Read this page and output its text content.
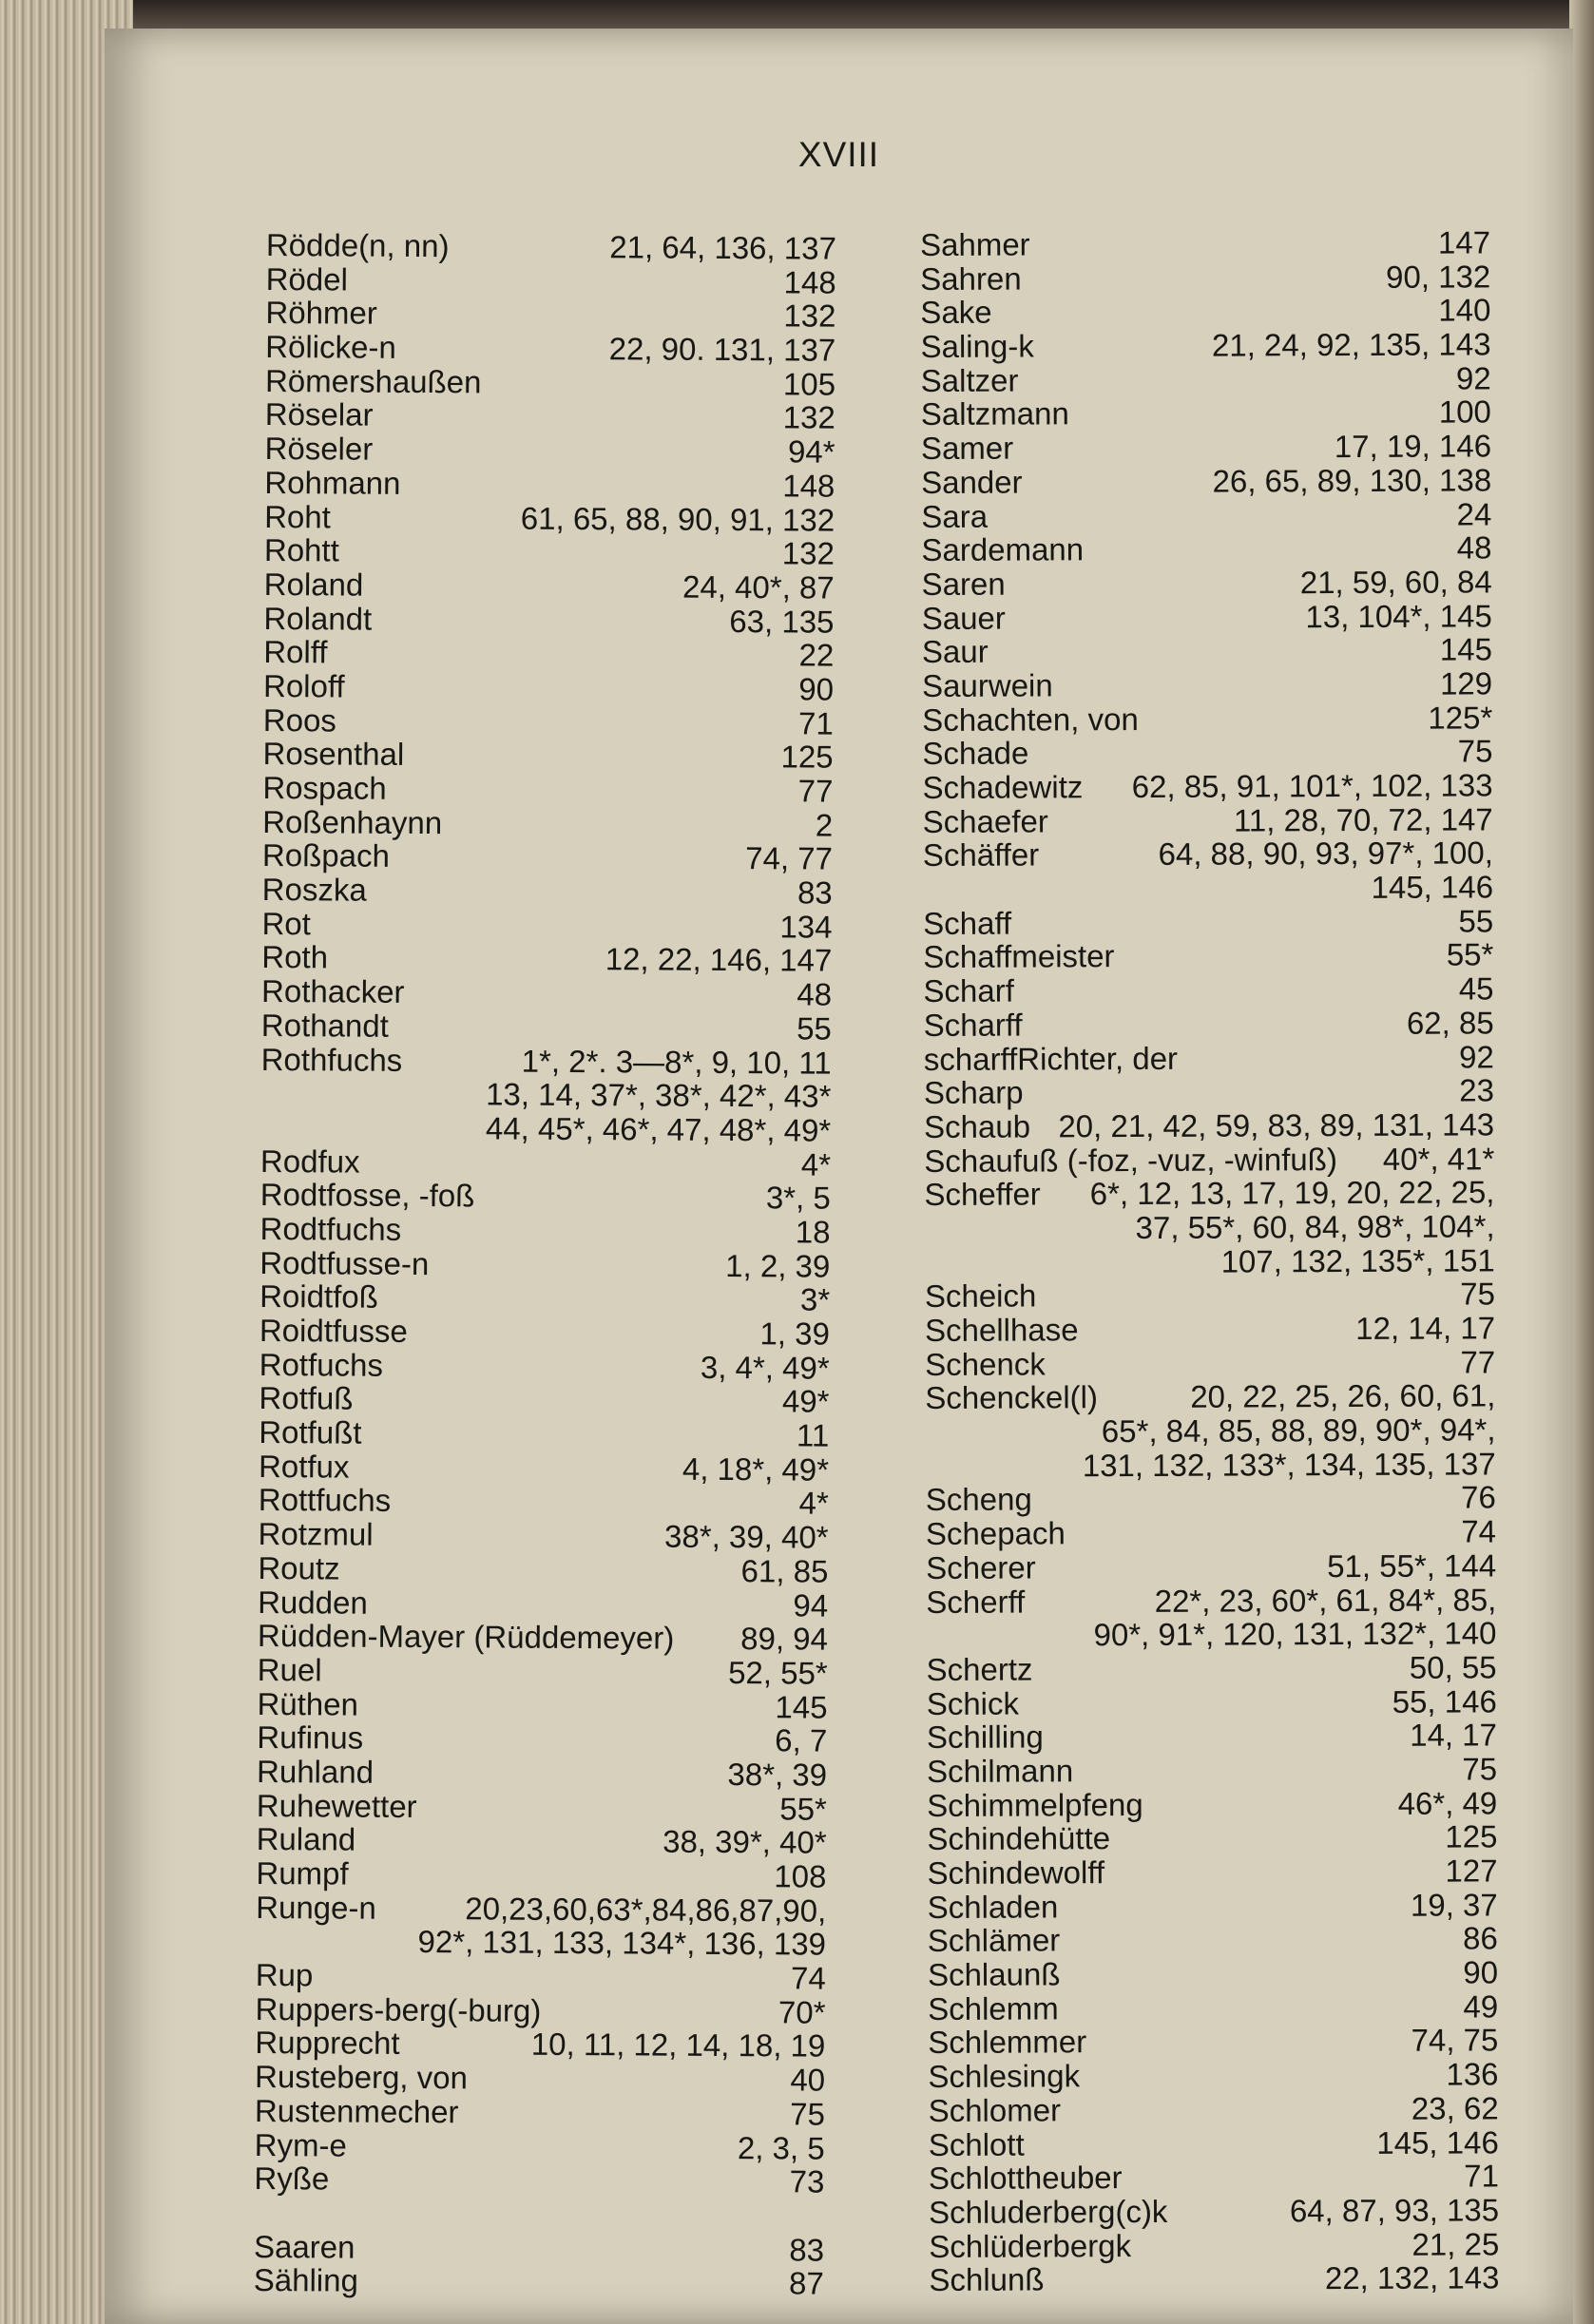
XVIII
Rödde(n, nn)	21, 64, 136, 137
Rödel	148
Röhmer	132
Rölicke-n	22, 90. 131, 137
Römershaußen	105
Röselar	132
Röseler	94*
Rohmann	148
Roht	61, 65, 88, 90, 91, 132
Rohtt	132
Roland	24, 40*, 87
Rolandt	63, 135
Rolff	22
Roloff	90
Roos	71
Rosenthal	125
Rospach	77
Roßenhaynn	2
Roßpach	74, 77
Roszka	83
Rot	134
Roth	12, 22, 146, 147
Rothacker	48
Rothandt	55
Rothfuchs	1*, 2*. 3—8*, 9, 10, 11
13, 14, 37*, 38*, 42*, 43*
44, 45*, 46*, 47, 48*, 49*
Rodfux	4*
Rodtfosse, -foß	3*, 5
Rodtfuchs	18
Rodtfusse-n	1, 2, 39
Roidtfoß	3*
Roidtfusse	1, 39
Rotfuchs	3, 4*, 49*
Rotfuß	49*
Rotfußt	11
Rotfux	4, 18*, 49*
Rottfuchs	4*
Rotzmul	38*, 39, 40*
Routz	61, 85
Rudden	94
Rüdden-Mayer (Rüddemeyer) 89, 94
Ruel	52, 55*
Rüthen	145
Rufinus	6, 7
Ruhland	38*, 39
Ruhewetter	55*
Ruland	38, 39*, 40*
Rumpf	108
Runge-n	20,23,60,63*,84,86,87,90,
92*, 131, 133, 134*, 136, 139
Rup	74
Ruppers-berg(-burg)	70*
Rupprecht	10, 11, 12, 14, 18, 19
Rusteberg, von	40
Rustenmecher	75
Rym-e	2, 3, 5
Ryße	73
Saaren	83
Sähling	87
Sahmer	147
Sahren	90, 132
Sake	140
Saling-k	21, 24, 92, 135, 143
Saltzer	92
Saltzmann	100
Samer	17, 19, 146
Sander	26, 65, 89, 130, 138
Sara	24
Sardemann	48
Saren	21, 59, 60, 84
Sauer	13, 104*, 145
Saur	145
Saurwein	129
Schachten, von	125*
Schade	75
Schadewitz 62, 85, 91, 101*, 102, 133
Schaefer	11, 28, 70, 72, 147
Schäffer	64, 88, 90, 93, 97*, 100,
145, 146
Schaff	55
Schaffmeister	55*
Scharf	45
Scharff	62, 85
scharffRichter, der	92
Scharp	23
Schaub 20, 21, 42, 59, 83, 89, 131, 143
Schaufuß (-foz, -vuz, -winfuß) 40*, 41*
Scheffer 6*, 12, 13, 17, 19, 20, 22, 25,
37, 55*, 60, 84, 98*, 104*,
107, 132, 135*, 151
Scheich	75
Schellhase	12, 14, 17
Schenck	77
Schenckel(l)	20, 22, 25, 26, 60, 61,
65*, 84, 85, 88, 89, 90*, 94*,
131, 132, 133*, 134, 135, 137
Scheng	76
Schepach	74
Scherer	51, 55*, 144
Scherff	22*, 23, 60*, 61, 84*, 85,
90*, 91*, 120, 131, 132*, 140
Schertz	50, 55
Schick	55, 146
Schilling	14, 17
Schilmann	75
Schimmelpfeng	46*, 49
Schindehütte	125
Schindewolff	127
Schladen	19, 37
Schlämer	86
Schlaunß	90
Schlemm	49
Schlemmer	74, 75
Schlesingk	136
Schlomer	23, 62
Schlott	145, 146
Schlottheuber	71
Schluderberg(c)k	64, 87, 93, 135
Schlüderbergk	21, 25
Schlunß	22, 132, 143
